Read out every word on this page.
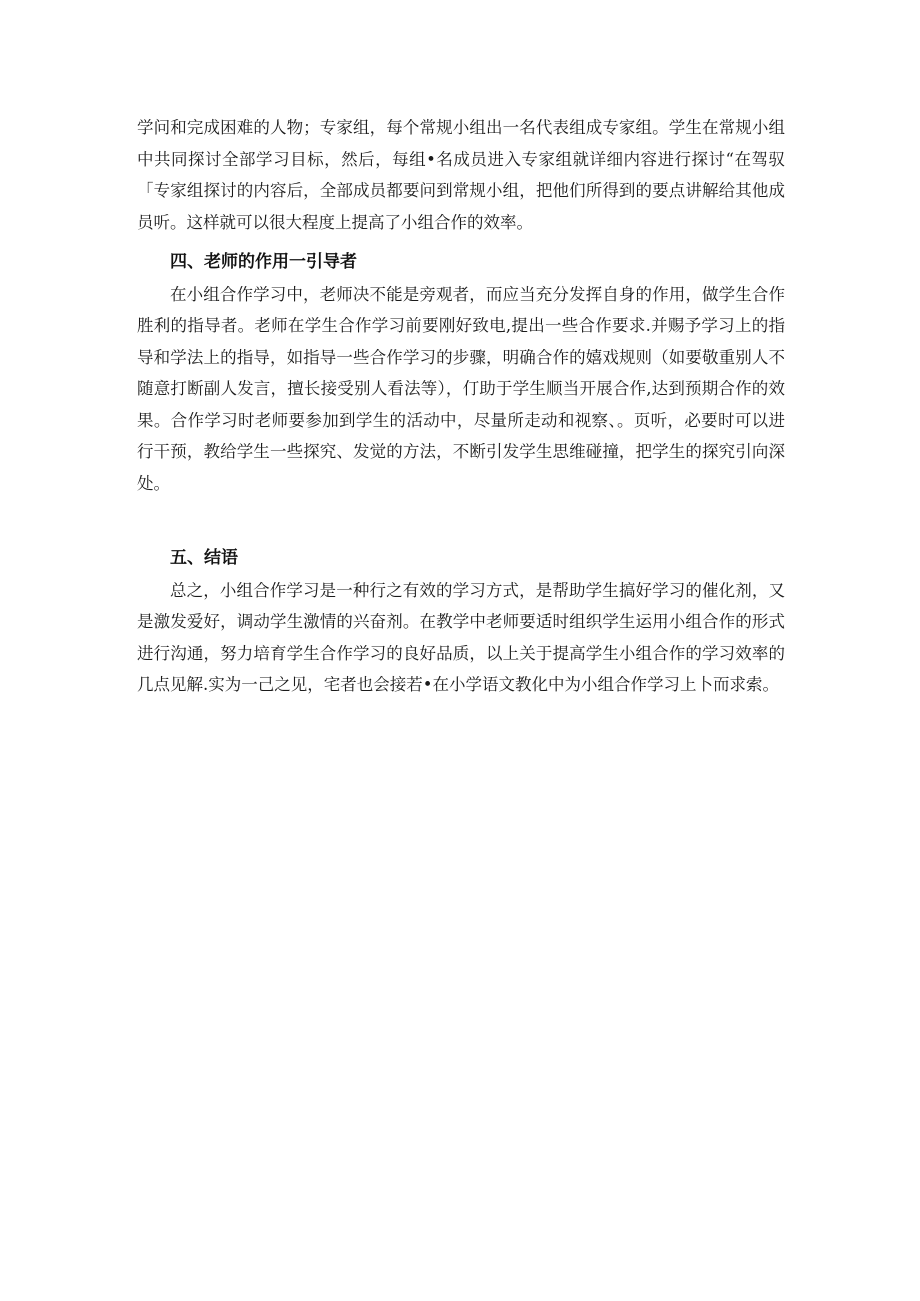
学问和完成困难的人物；专家组，每个常规小组出一名代表组成专家组。学生在常规小组中共同探讨全部学习目标，然后，每组•名成员进入专家组就详细内容进行探讨“在驾驭「专家组探讨的内容后，全部成员都要问到常规小组，把他们所得到的要点讲解给其他成员听。这样就可以很大程度上提高了小组合作的效率。

四、老师的作用一引导者

在小组合作学习中，老师决不能是旁观者，而应当充分发挥自身的作用，做学生合作胜利的指导者。老师在学生合作学习前要刚好致电,提出一些合作要求.并赐予学习上的指导和学法上的指导，如指导一些合作学习的步骤，明确合作的嬉戏规则（如要敬重别人不随意打断副人发言，擅长接受别人看法等），仃助于学生顺当开展合作,达到预期合作的效果。合作学习时老师要参加到学生的活动中，尽量所走动和视察、。页听，必要时可以进行干预，教给学生一些探究、发觉的方法，不断引发学生思维碰撞，把学生的探究引向深处。

五、结语

总之，小组合作学习是一种行之有效的学习方式，是帮助学生搞好学习的催化剂，又是激发爱好，调动学生激情的兴奋剂。在教学中老师要适时组织学生运用小组合作的形式进行沟通，努力培育学生合作学习的良好品质，以上关于提高学生小组合作的学习效率的几点见解.实为一己之见，宅者也会接若•在小学语文教化中为小组合作学习上卜而求索。
